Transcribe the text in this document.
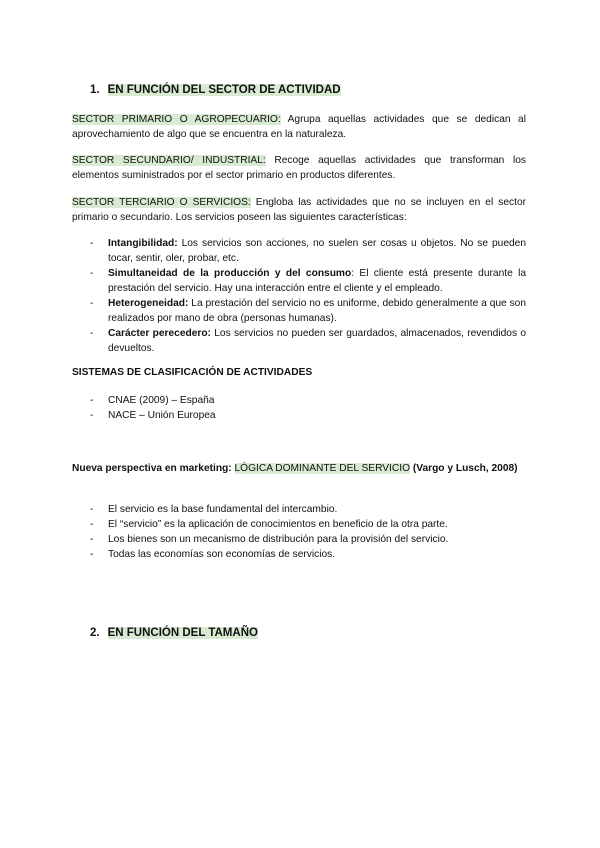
1. EN FUNCIÓN DEL SECTOR DE ACTIVIDAD

SECTOR PRIMARIO O AGROPECUARIO: Agrupa aquellas actividades que se dedican al aprovechamiento de algo que se encuentra en la naturaleza.

SECTOR SECUNDARIO/ INDUSTRIAL: Recoge aquellas actividades que transforman los elementos suministrados por el sector primario en productos diferentes.

SECTOR TERCIARIO O SERVICIOS: Engloba las actividades que no se incluyen en el sector primario o secundario. Los servicios poseen las siguientes características:

- Intangibilidad: Los servicios son acciones, no suelen ser cosas u objetos. No se pueden tocar, sentir, oler, probar, etc.
- Simultaneidad de la producción y del consumo: El cliente está presente durante la prestación del servicio. Hay una interacción entre el cliente y el empleado.
- Heterogeneidad: La prestación del servicio no es uniforme, debido generalmente a que son realizados por mano de obra (personas humanas).
- Carácter perecedero: Los servicios no pueden ser guardados, almacenados, revendidos o devueltos.
SISTEMAS DE CLASIFICACIÓN DE ACTIVIDADES
- CNAE (2009) – España
- NACE – Unión Europea

Nueva perspectiva en marketing: LÓGICA DOMINANTE DEL SERVICIO (Vargo y Lusch, 2008)

- El servicio es la base fundamental del intercambio.
- El “servicio” es la aplicación de conocimientos en beneficio de la otra parte.
- Los bienes son un mecanismo de distribución para la provisión del servicio.
- Todas las economías son economías de servicios.
2. EN FUNCIÓN DEL TAMAÑO
